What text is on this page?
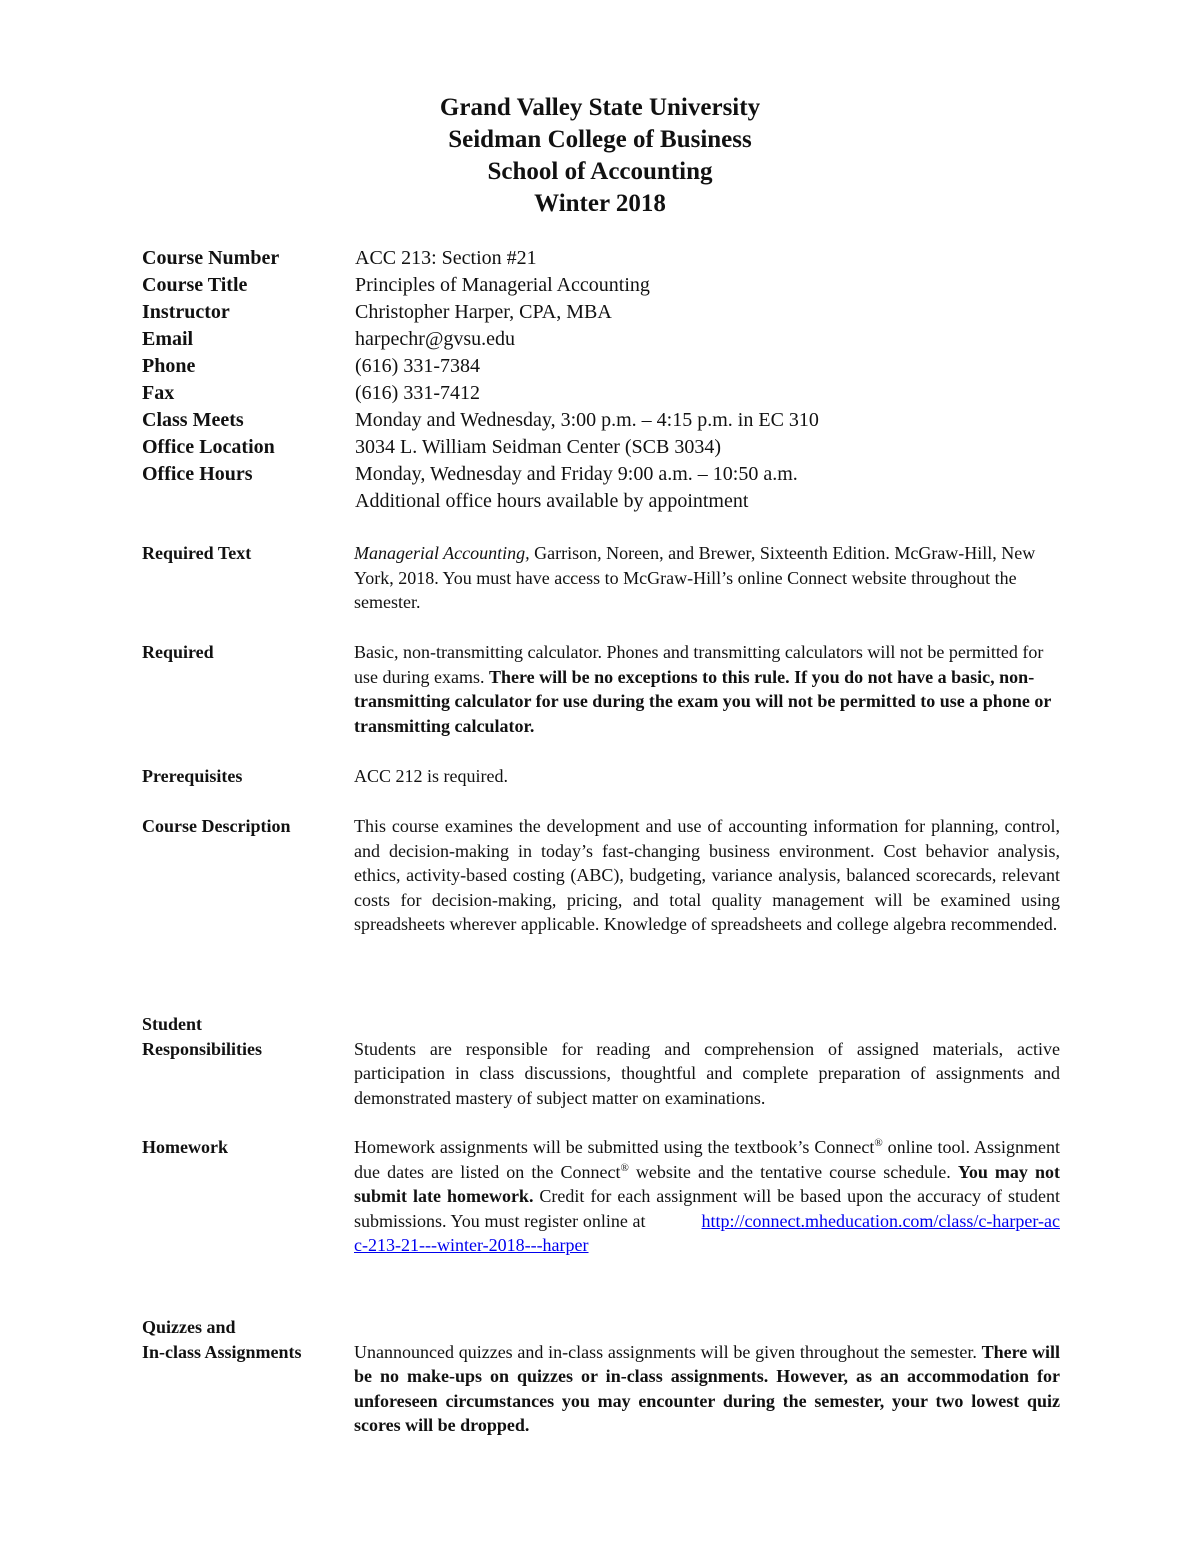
Grand Valley State University
Seidman College of Business
School of Accounting
Winter 2018
Course Number	ACC 213: Section #21
Course Title	Principles of Managerial Accounting
Instructor	Christopher Harper, CPA, MBA
Email	harpechr@gvsu.edu
Phone	(616) 331-7384
Fax	(616) 331-7412
Class Meets	Monday and Wednesday, 3:00 p.m. – 4:15 p.m. in EC 310
Office Location	3034 L. William Seidman Center (SCB 3034)
Office Hours	Monday, Wednesday and Friday 9:00 a.m. – 10:50 a.m.
Additional office hours available by appointment
Required Text	Managerial Accounting, Garrison, Noreen, and Brewer, Sixteenth Edition. McGraw-Hill, New York, 2018. You must have access to McGraw-Hill’s online Connect website throughout the semester.
Required	Basic, non-transmitting calculator. Phones and transmitting calculators will not be permitted for use during exams. There will be no exceptions to this rule. If you do not have a basic, non-transmitting calculator for use during the exam you will not be permitted to use a phone or transmitting calculator.
Prerequisites	ACC 212 is required.
Course Description	This course examines the development and use of accounting information for planning, control, and decision-making in today’s fast-changing business environment. Cost behavior analysis, ethics, activity-based costing (ABC), budgeting, variance analysis, balanced scorecards, relevant costs for decision-making, pricing, and total quality management will be examined using spreadsheets wherever applicable. Knowledge of spreadsheets and college algebra recommended.
Student
Responsibilities	Students are responsible for reading and comprehension of assigned materials, active participation in class discussions, thoughtful and complete preparation of assignments and demonstrated mastery of subject matter on examinations.
Homework	Homework assignments will be submitted using the textbook’s Connect® online tool. Assignment due dates are listed on the Connect® website and the tentative course schedule. You may not submit late homework. Credit for each assignment will be based upon the accuracy of student submissions. You must register online at	http://connect.mheducation.com/class/c-harper-acc-213-21---winter-2018---harper
Quizzes and
In-class Assignments	Unannounced quizzes and in-class assignments will be given throughout the semester. There will be no make-ups on quizzes or in-class assignments. However, as an accommodation for unforeseen circumstances you may encounter during the semester, your two lowest quiz scores will be dropped.
